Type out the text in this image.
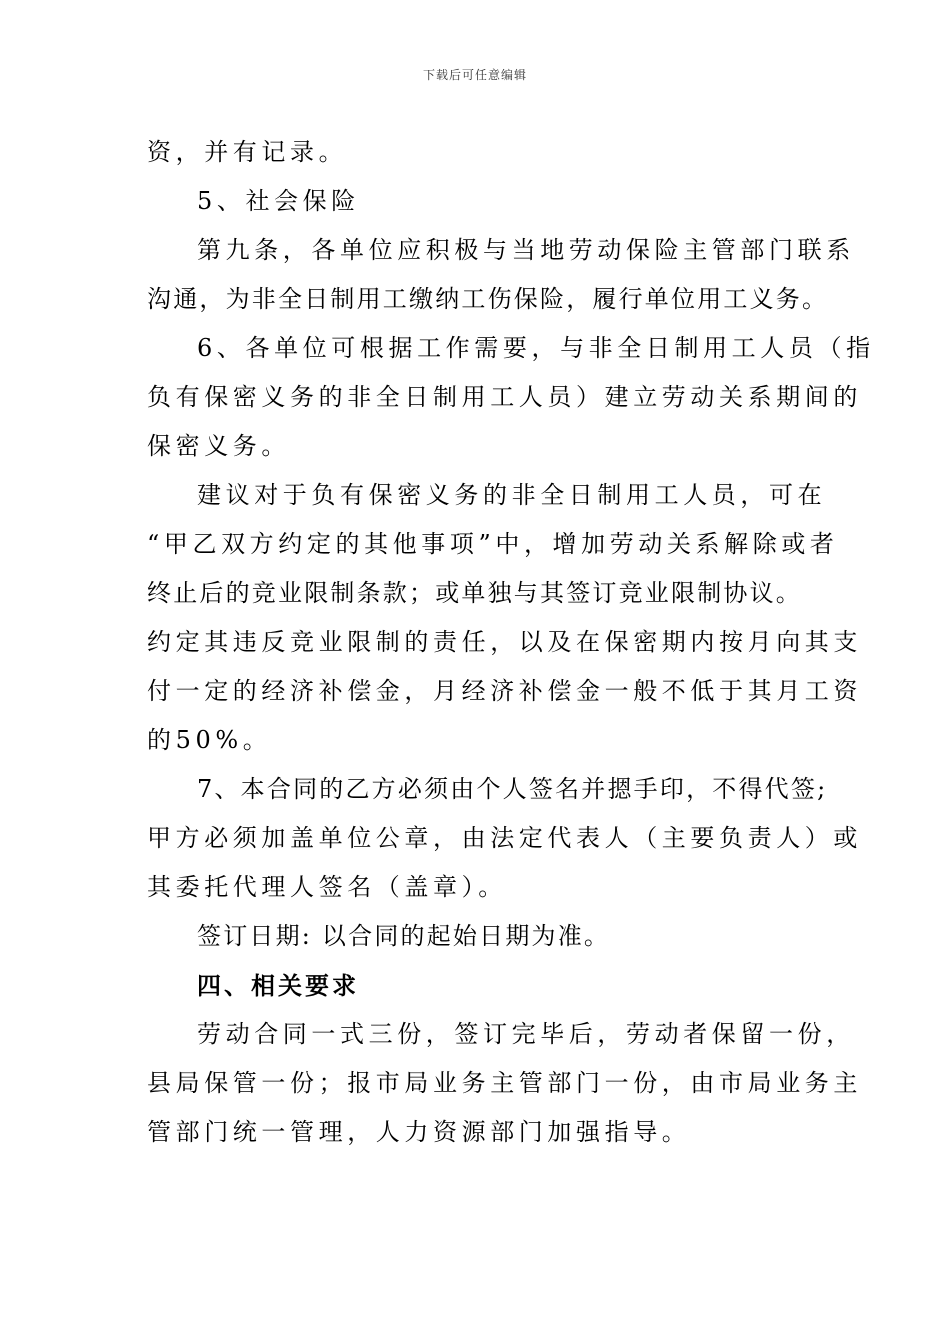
下载后可任意编辑
资，并有记录。
5、社会保险
第九条，各单位应积极与当地劳动保险主管部门联系
沟通，为非全日制用工缴纳工伤保险，履行单位用工义务。
6、各单位可根据工作需要，与非全日制用工人员（指
负有保密义务的非全日制用工人员）建立劳动关系期间的
保密义务。
建议对于负有保密义务的非全日制用工人员，可在
“甲乙双方约定的其他事项”中，增加劳动关系解除或者
终止后的竞业限制条款；或单独与其签订竞业限制协议。
约定其违反竞业限制的责任，以及在保密期内按月向其支
付一定的经济补偿金，月经济补偿金一般不低于其月工资
的50%。
7、本合同的乙方必须由个人签名并摁手印，不得代签;
甲方必须加盖单位公章，由法定代表人（主要负责人）或
其委托代理人签名（盖章）。
签订日期: 以合同的起始日期为准。
四、相关要求
劳动合同一式三份，签订完毕后，劳动者保留一份，
县局保管一份；报市局业务主管部门一份，由市局业务主
管部门统一管理，人力资源部门加强指导。
